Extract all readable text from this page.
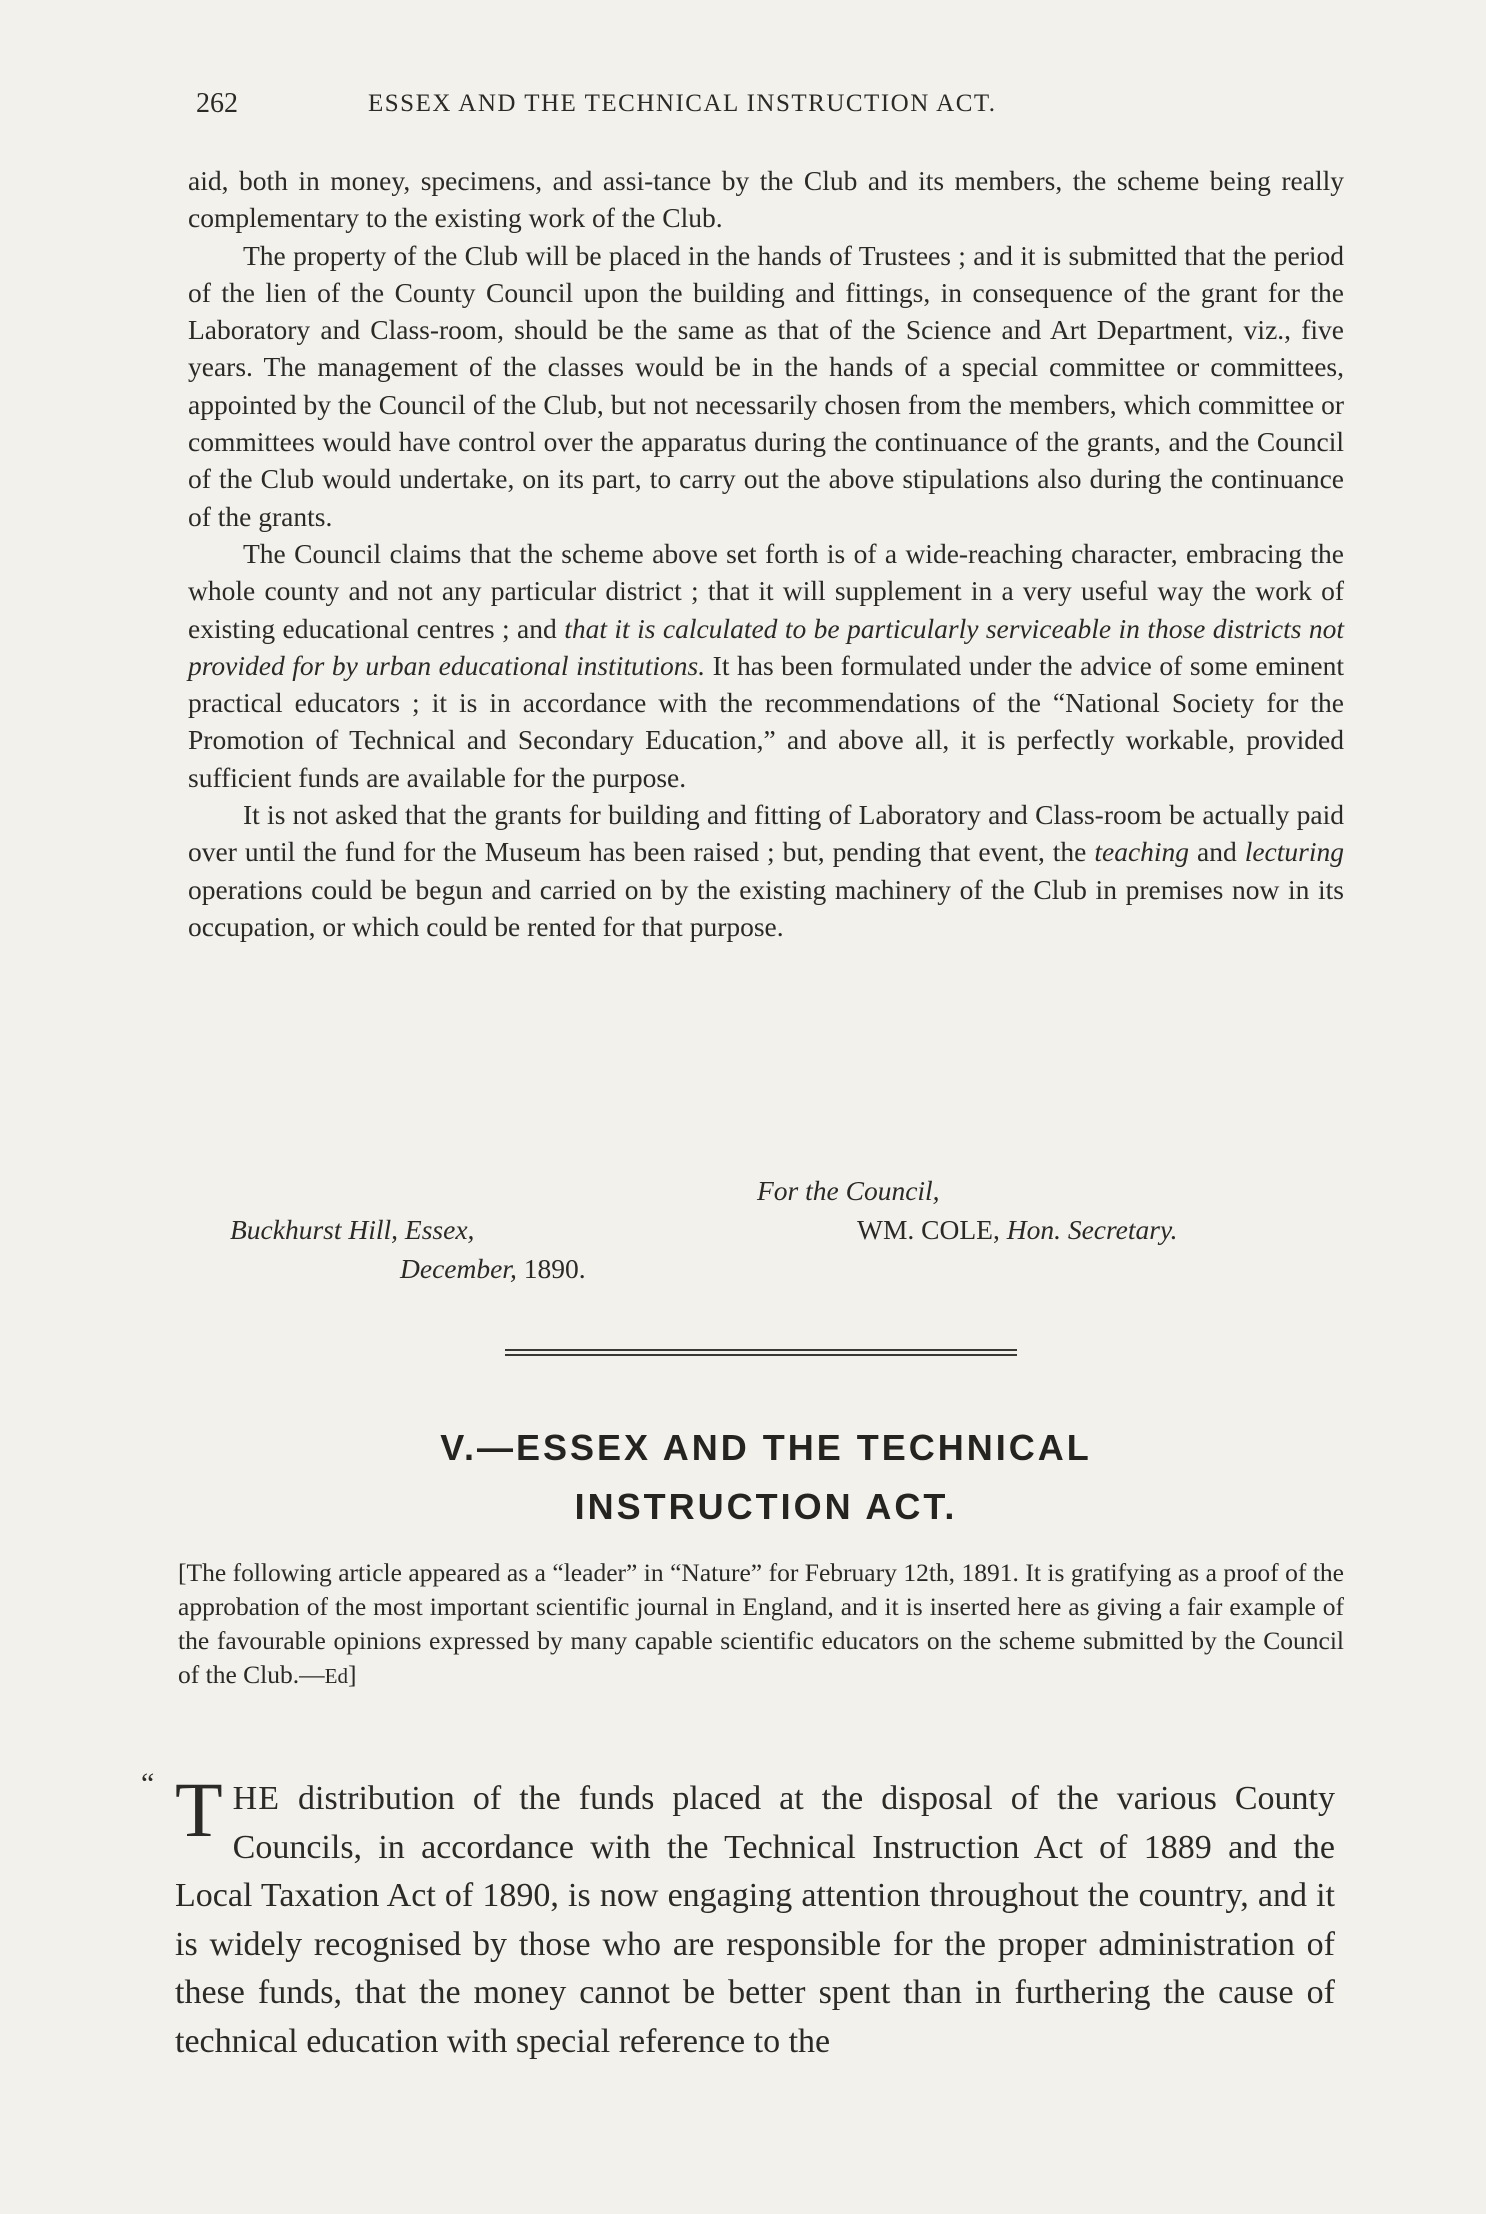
262	ESSEX AND THE TECHNICAL INSTRUCTION ACT.

aid, both in money, specimens, and assi-tance by the Club and its members, the scheme being really complementary to the existing work of the Club.

The property of the Club will be placed in the hands of Trustees ; and it is submitted that the period of the lien of the County Council upon the building and fittings, in consequence of the grant for the Laboratory and Class-room, should be the same as that of the Science and Art Department, viz., five years. The management of the classes would be in the hands of a special committee or committees, appointed by the Council of the Club, but not necessarily chosen from the members, which committee or committees would have control over the apparatus during the continuance of the grants, and the Council of the Club would undertake, on its part, to carry out the above stipulations also during the continuance of the grants.

The Council claims that the scheme above set forth is of a wide-reaching character, embracing the whole county and not any particular district ; that it will supplement in a very useful way the work of existing educational centres ; and that it is calculated to be particularly serviceable in those districts not provided for by urban educational institutions. It has been formulated under the advice of some eminent practical educators ; it is in accordance with the recommendations of the “National Society for the Promotion of Technical and Secondary Education,” and above all, it is perfectly workable, provided sufficient funds are available for the purpose.

It is not asked that the grants for building and fitting of Laboratory and Class-room be actually paid over until the fund for the Museum has been raised ; but, pending that event, the teaching and lecturing operations could be begun and carried on by the existing machinery of the Club in premises now in its occupation, or which could be rented for that purpose.

For the Council,
Buckhurst Hill, Essex,	WM. COLE, Hon. Secretary.
December, 1890.
V.—ESSEX AND THE TECHNICAL
INSTRUCTION ACT.

[The following article appeared as a “leader” in “Nature” for February 12th, 1891. It is gratifying as a proof of the approbation of the most important scientific journal in England, and it is inserted here as giving a fair example of the favourable opinions expressed by many capable scientific educators on the scheme submitted by the Council of the Club.—Ed]

“ T HE distribution of the funds placed at the disposal of the various County Councils, in accordance with the Technical Instruction Act of 1889 and the Local Taxation Act of 1890, is now engaging attention throughout the country, and it is widely recognised by those who are responsible for the proper administration of these funds, that the money cannot be better spent than in furthering the cause of technical education with special reference to the
